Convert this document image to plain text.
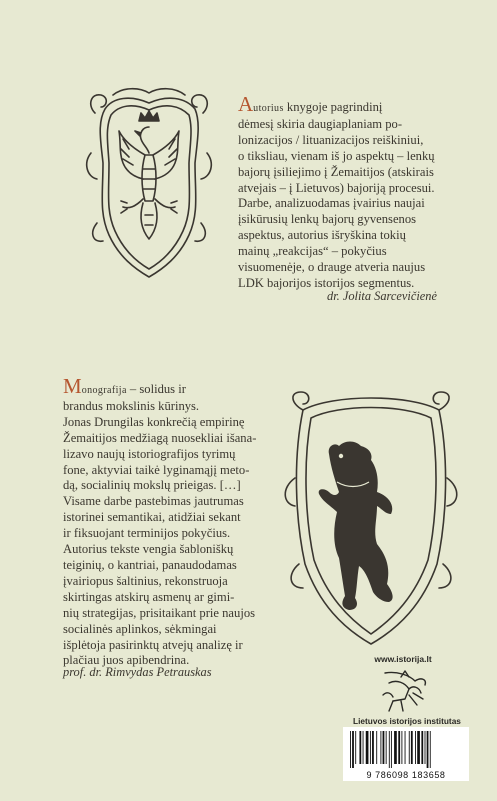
Autorius knygoje pagrindinį
dėmesį skiria daugiaplaniam po-
lonizacijos / lituanizacijos reiškiniui,
o tiksliau, vienam iš jo aspektų – lenkų
bajorų įsiliejimo į Žemaitijos (atskirais
atvejais – į Lietuvos) bajoriją procesui.
Darbe, analizuodamas įvairius naujai
įsikūrusių lenkų bajorų gyvensenos
aspektus, autorius išryškina tokių
mainų „reakcijas“ – pokyčius
visuomenėje, o drauge atveria naujus
LDK bajorijos istorijos segmentus.
dr. Jolita Sarcevičienė
Monografija – solidus ir
brandus mokslinis kūrinys.
Jonas Drungilas konkrečią empirinę
Žemaitijos medžiagą nuosekliai išana-
lizavo naujų istoriografijos tyrimų
fone, aktyviai taikė lyginamąjį meto-
dą, socialinių mokslų prieigas. […]
Visame darbe pastebimas jautrumas
istorinei semantikai, atidžiai sekant
ir fiksuojant terminijos pokyčius.
Autorius tekste vengia šabloniškų
teiginių, o kantriai, panaudodamas
įvairiopus šaltinius, rekonstruoja
skirtingas atskirų asmenų ar gimi-
nių strategijas, prisitaikant prie naujos
socialinės aplinkos, sėkmingai
išplėtoja pasirinktų atvejų analizę ir
plačiau juos apibendrina.
prof. dr. Rimvydas Petrauskas
www.istorija.lt
Lietuvos istorijos institutas
9 786098 183658
